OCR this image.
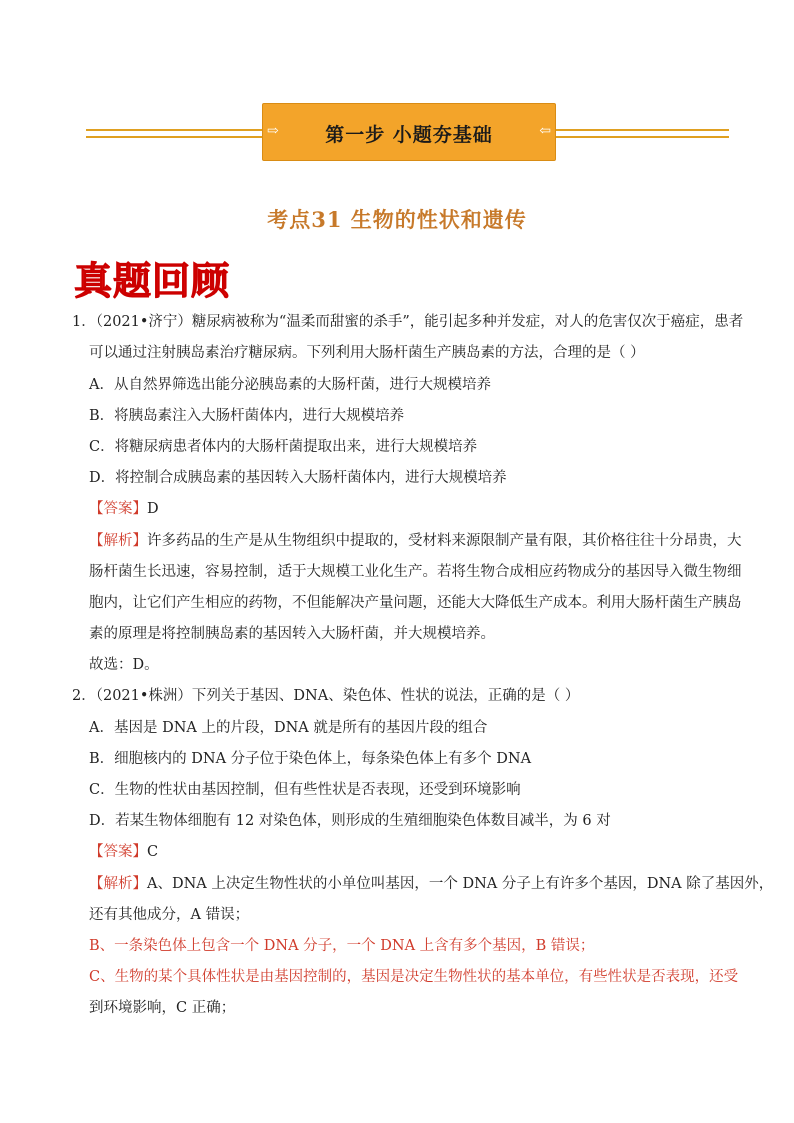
⇨	第一步 小题夯基础	⇦
考点31 生物的性状和遗传
真题回顾
1．（2021•济宁）糖尿病被称为“温柔而甜蜜的杀手”，能引起多种并发症，对人的危害仅次于癌症，患者
可以通过注射胰岛素治疗糖尿病。下列利用大肠杆菌生产胰岛素的方法，合理的是（ ）
A．从自然界筛选出能分泌胰岛素的大肠杆菌，进行大规模培养
B．将胰岛素注入大肠杆菌体内，进行大规模培养
C．将糖尿病患者体内的大肠杆菌提取出来，进行大规模培养
D．将控制合成胰岛素的基因转入大肠杆菌体内，进行大规模培养
【答案】D
【解析】许多药品的生产是从生物组织中提取的，受材料来源限制产量有限，其价格往往十分昂贵，大
肠杆菌生长迅速，容易控制，适于大规模工业化生产。若将生物合成相应药物成分的基因导入微生物细
胞内，让它们产生相应的药物，不但能解决产量问题，还能大大降低生产成本。利用大肠杆菌生产胰岛
素的原理是将控制胰岛素的基因转入大肠杆菌，并大规模培养。
故选：D。
2．（2021•株洲）下列关于基因、DNA、染色体、性状的说法，正确的是（ ）
A．基因是 DNA 上的片段，DNA 就是所有的基因片段的组合
B．细胞核内的 DNA 分子位于染色体上，每条染色体上有多个 DNA
C．生物的性状由基因控制，但有些性状是否表现，还受到环境影响
D．若某生物体细胞有 12 对染色体，则形成的生殖细胞染色体数目减半，为 6 对
【答案】C
【解析】A、DNA 上决定生物性状的小单位叫基因，一个 DNA 分子上有许多个基因，DNA 除了基因外，
还有其他成分，A 错误；
B、一条染色体上包含一个 DNA 分子，一个 DNA 上含有多个基因，B 错误；
C、生物的某个具体性状是由基因控制的，基因是决定生物性状的基本单位，有些性状是否表现，还受
到环境影响，C 正确；
